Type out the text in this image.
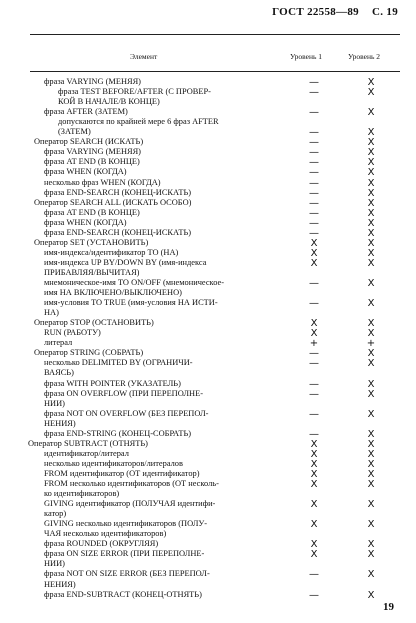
ГОСТ 22558—89 С. 19
Элемент	Уровень 1	Уровень 2
фраза VARYING (МЕНЯЯ)	—	X
фраза TEST BEFORE/AFTER (С ПРОВЕР-	—	X
КОЙ В НАЧАЛЕ/В КОНЦЕ)
фраза AFTER (ЗАТЕМ)	—	X
допускаются по крайней мере 6 фраз AFTER
(ЗАТЕМ)	—	X
Оператор SEARCH (ИСКАТЬ)	—	X
фраза VARYING (МЕНЯЯ)	—	X
фраза AT END (В КОНЦЕ)	—	X
фраза WHEN (КОГДА)	—	X
несколько фраз WHEN (КОГДА)	—	X
фраза END-SEARCH (КОНЕЦ-ИСКАТЬ)	—	X
Оператор SEARCH ALL (ИСКАТЬ ОСОБО)	—	X
фраза AT END (В КОНЦЕ)	—	X
фраза WHEN (КОГДА)	—	X
фраза END-SEARCH (КОНЕЦ-ИСКАТЬ)	—	X
Оператор SET (УСТАНОВИТЬ)	X	X
имя-индекса/идентификатор TO (НА)	X	X
имя-индекса UP BY/DOWN BY (имя-индекса	X	X
ПРИБАВЛЯЯ/ВЫЧИТАЯ)
мнемоническое-имя TO ON/OFF (мнемоническое-	—	X
имя НА ВКЛЮЧЕНО/ВЫКЛЮЧЕНО)
имя-условия TO TRUE (имя-условия НА ИСТИ-	—	X
НА)
Оператор STOP (ОСТАНОВИТЬ)	X	X
RUN (РАБОТУ)	X	X
литерал	+	+
Оператор STRING (СОБРАТЬ)	—	X
несколько DELIMITED BY (ОГРАНИЧИ-	—	X
ВАЯСЬ)
фраза WITH POINTER (УКАЗАТЕЛЬ)	—	X
фраза ON OVERFLOW (ПРИ ПЕРЕПОЛНЕ-	—	X
НИИ)
фраза NOT ON OVERFLOW (БЕЗ ПЕРЕПОЛ-	—	X
НЕНИЯ)
фраза END-STRING (КОНЕЦ-СОБРАТЬ)	—	X
Оператор SUBTRACT (ОТНЯТЬ)	X	X
идентификатор/литерал	X	X
несколько идентификаторов/литералов	X	X
FROM идентификатор (ОТ идентификатор)	X	X
FROM несколько идентификаторов (ОТ несколь-	X	X
ко идентификаторов)
GIVING идентификатор (ПОЛУЧАЯ идентифи-	X	X
катор)
GIVING несколько идентификаторов (ПОЛУ-	X	X
ЧАЯ несколько идентификаторов)
фраза ROUNDED (ОКРУГЛЯЯ)	X	X
фраза ON SIZE ERROR (ПРИ ПЕРЕПОЛНЕ-	X	X
НИИ)
фраза NOT ON SIZE ERROR (БЕЗ ПЕРЕПОЛ-	—	X
НЕНИЯ)
фраза END-SUBTRACT (КОНЕЦ-ОТНЯТЬ)	—	X
19
